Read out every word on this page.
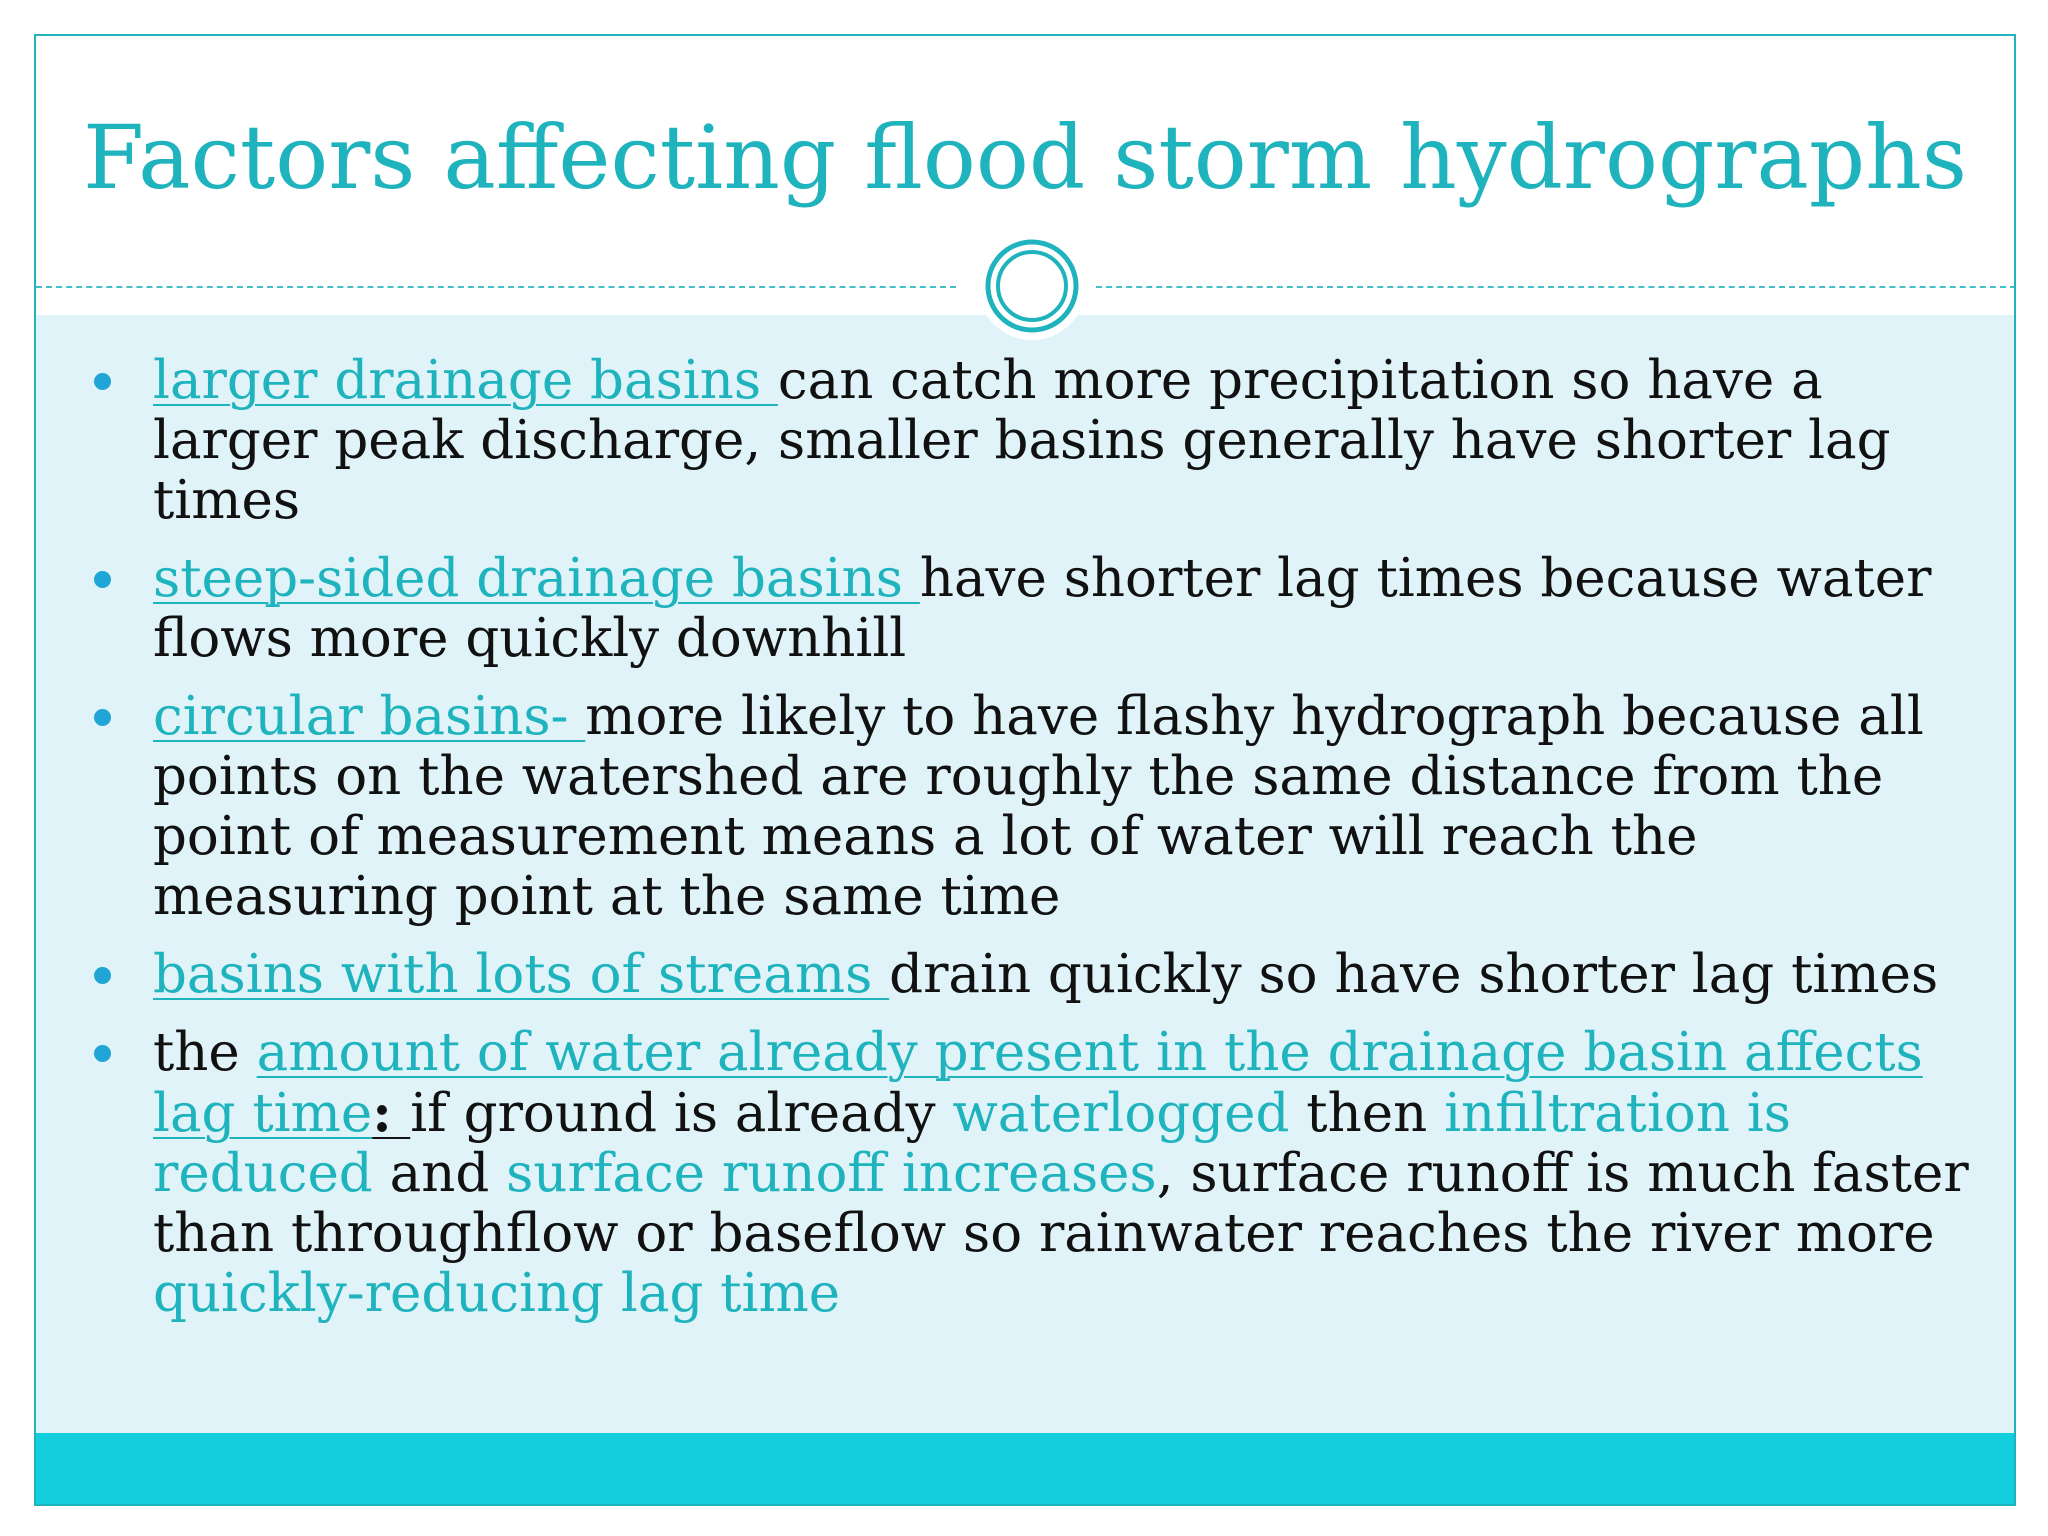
Factors affecting flood storm hydrographs
larger drainage basins can catch more precipitation so have a larger peak discharge, smaller basins generally have shorter lag times
steep-sided drainage basins have shorter lag times because water flows more quickly downhill
circular basins- more likely to have flashy hydrograph because all points on the watershed are roughly the same distance from the point of measurement means a lot of water will reach the measuring point at the same time
basins with lots of streams drain quickly so have shorter lag times
the amount of water already present in the drainage basin affects lag time: if ground is already waterlogged then infiltration is reduced and surface runoff increases, surface runoff is much faster than throughflow or baseflow so rainwater reaches the river more quickly-reducing lag time
